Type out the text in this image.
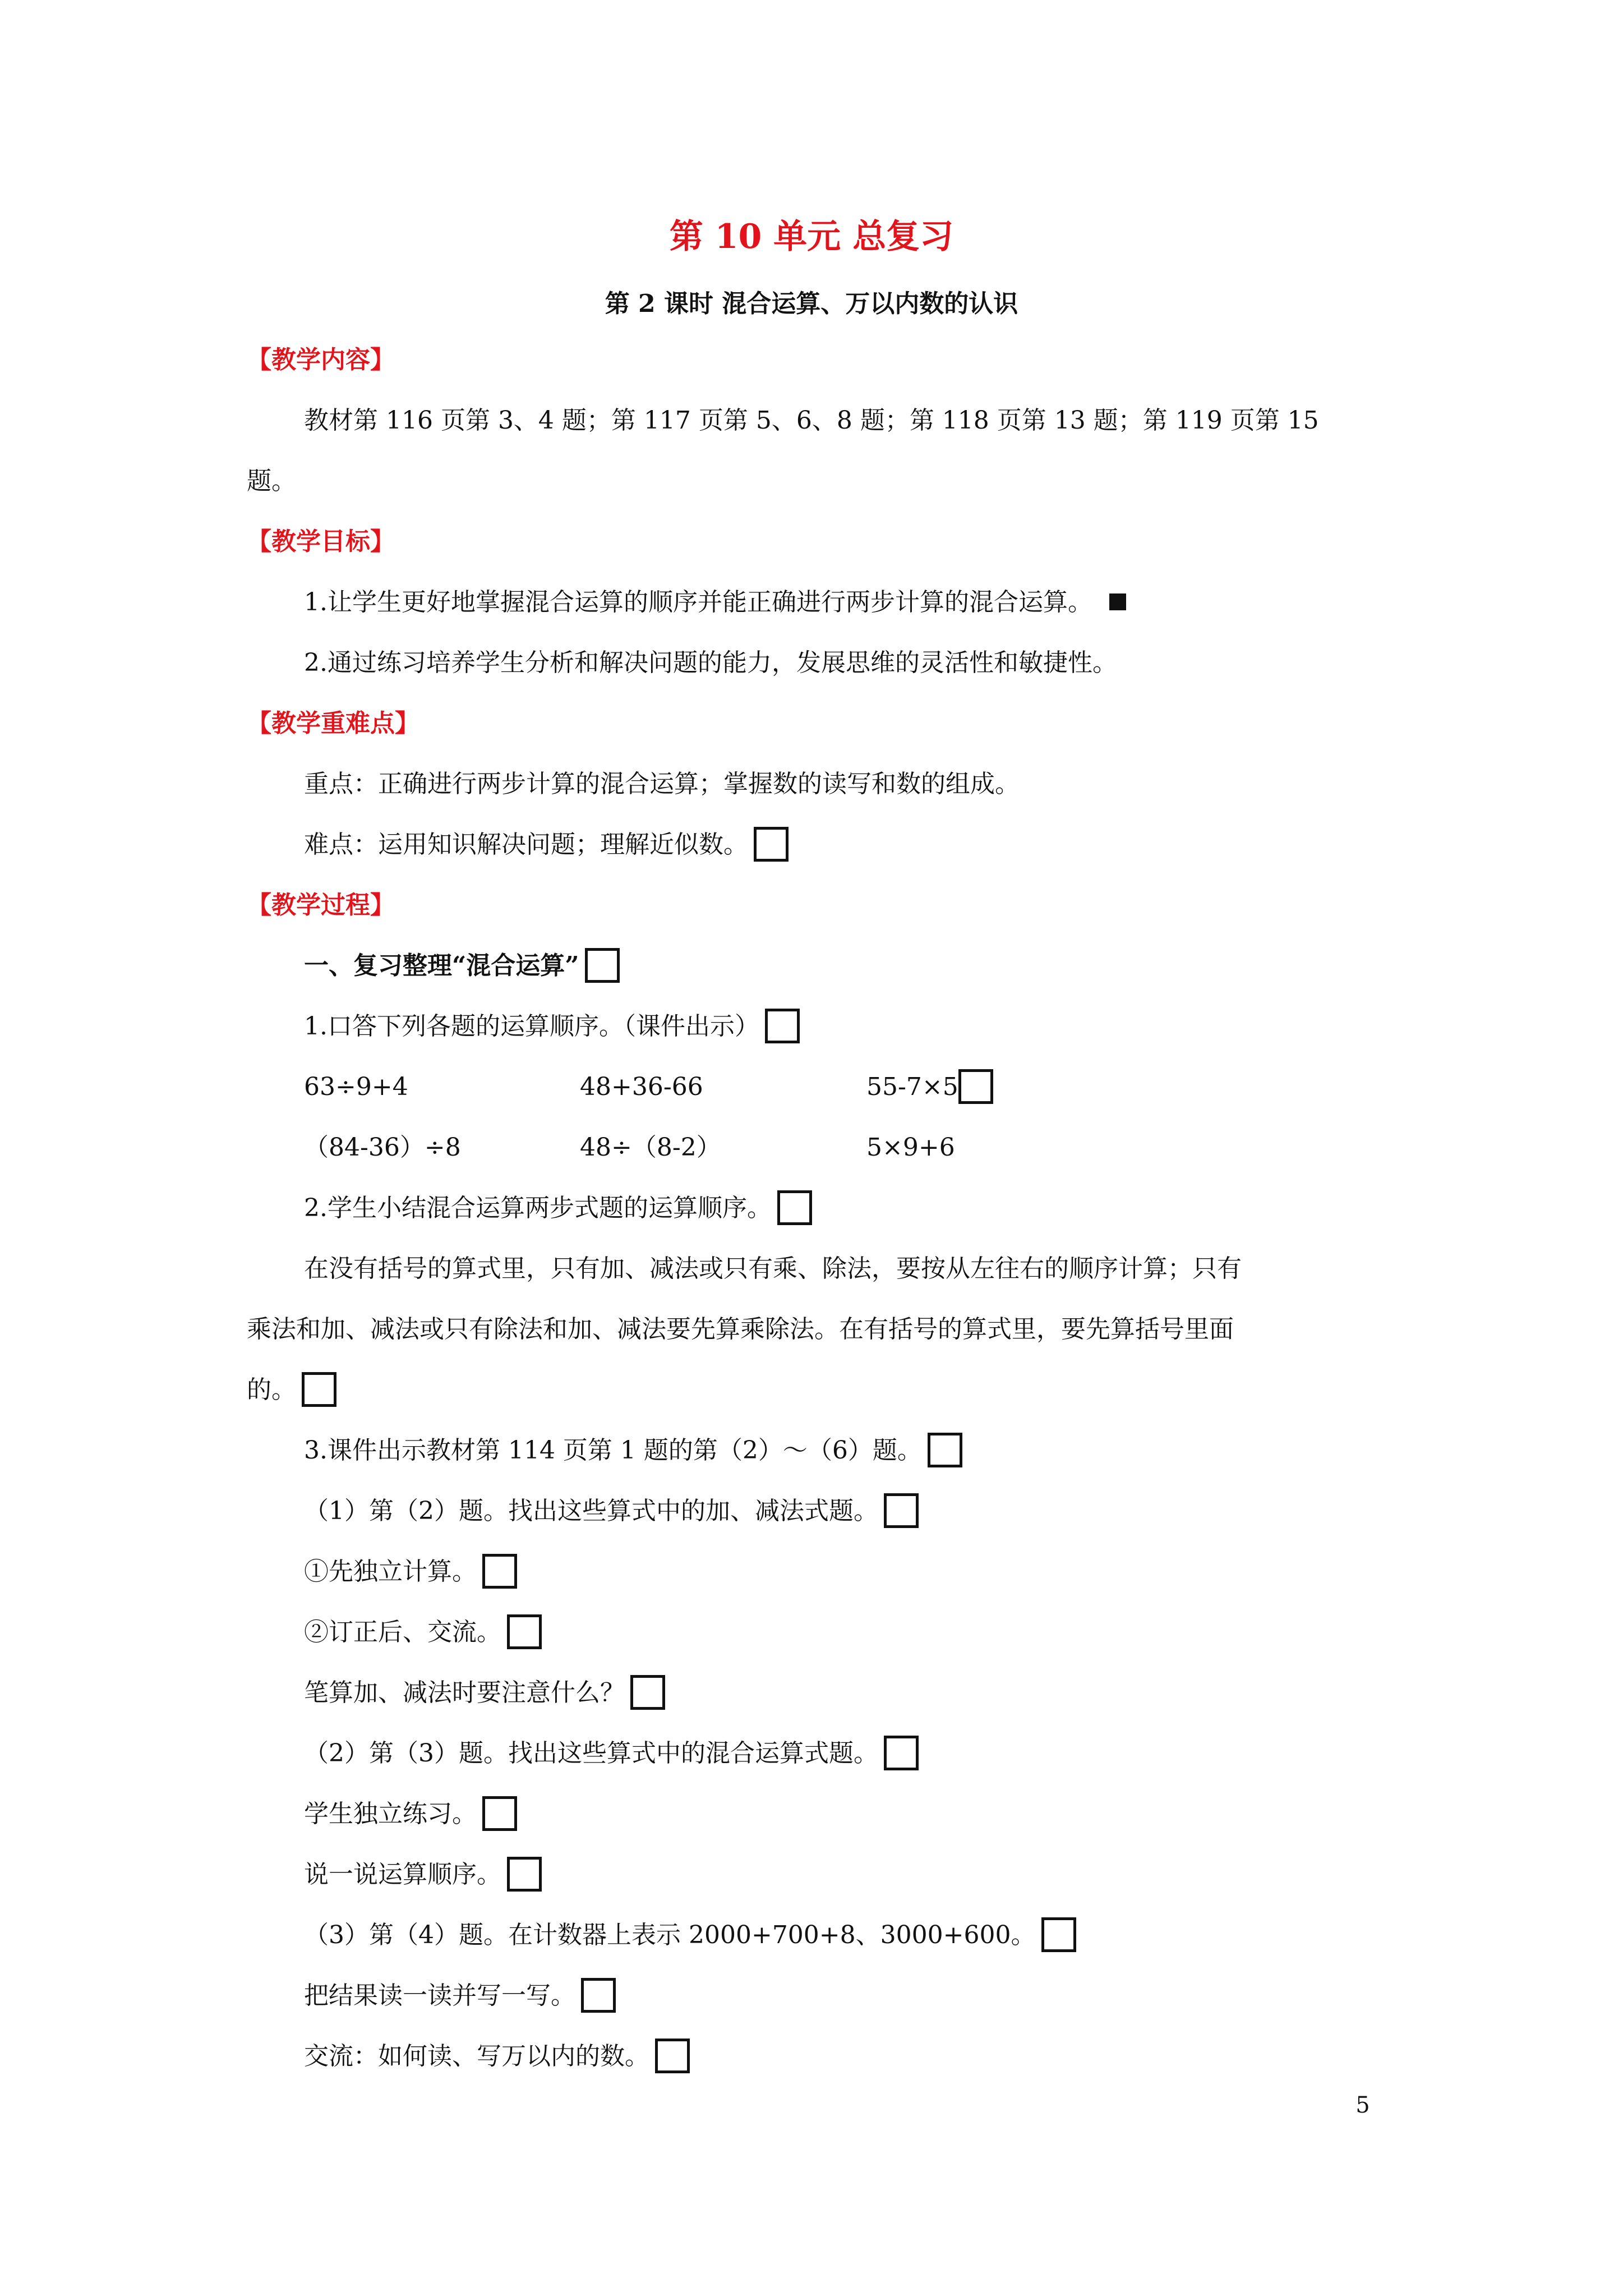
第 10 单元 总复习
第 2 课时 混合运算、万以内数的认识
【教学内容】
教材第 116 页第 3、4 题；第 117 页第 5、6、8 题；第 118 页第 13 题；第 119 页第 15
题。
【教学目标】
1.让学生更好地掌握混合运算的顺序并能正确进行两步计算的混合运算。
2.通过练习培养学生分析和解决问题的能力，发展思维的灵活性和敏捷性。
【教学重难点】
重点：正确进行两步计算的混合运算；掌握数的读写和数的组成。
难点：运用知识解决问题；理解近似数。
【教学过程】
一、复习整理“混合运算”
1.口答下列各题的运算顺序。（课件出示）
63÷9+4	48+36-66	55-7×5
（84-36）÷8	48÷（8-2）	5×9+6
2.学生小结混合运算两步式题的运算顺序。
在没有括号的算式里，只有加、减法或只有乘、除法，要按从左往右的顺序计算；只有
乘法和加、减法或只有除法和加、减法要先算乘除法。在有括号的算式里，要先算括号里面
的。
3.课件出示教材第 114 页第 1 题的第（2）～（6）题。
（1）第（2）题。找出这些算式中的加、减法式题。
①先独立计算。
②订正后、交流。
笔算加、减法时要注意什么？
（2）第（3）题。找出这些算式中的混合运算式题。
学生独立练习。
说一说运算顺序。
（3）第（4）题。在计数器上表示 2000+700+8、3000+600。
把结果读一读并写一写。
交流：如何读、写万以内的数。
5
